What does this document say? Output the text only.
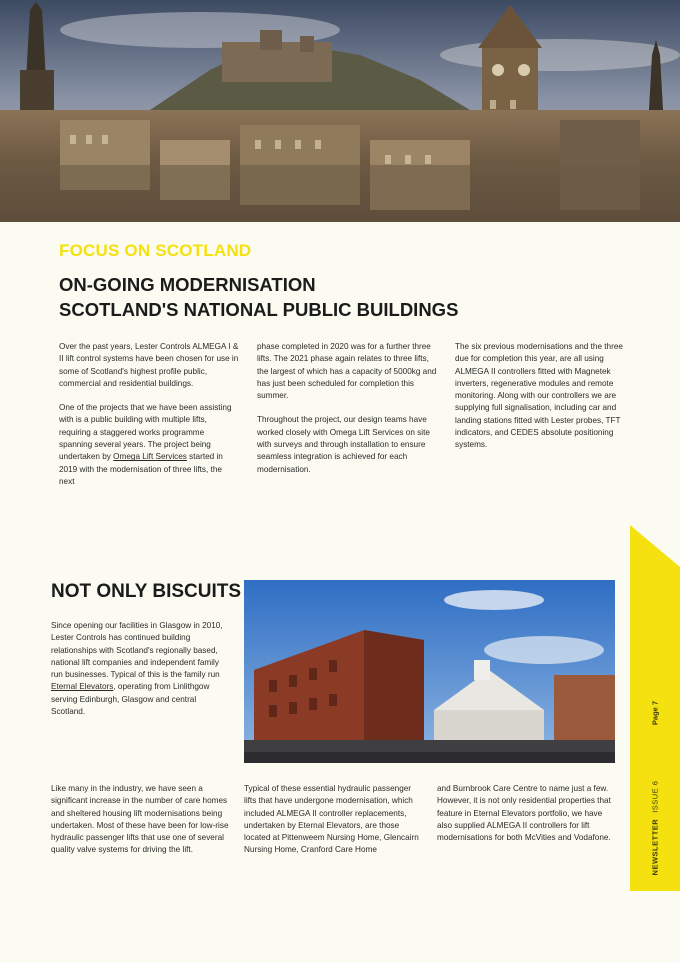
FOCUS ON SCOTLAND
ON-GOING MODERNISATION
SCOTLAND'S NATIONAL PUBLIC BUILDINGS

Over the past years, Lester Controls ALMEGA I & II lift control systems have been chosen for use in some of Scotland's highest profile public, commercial and residential buildings.

One of the projects that we have been assisting with is a public building with multiple lifts, requiring a staggered works programme spanning several years. The project being undertaken by Omega Lift Services started in 2019 with the modernisation of three lifts, the next

phase completed in 2020 was for a further three lifts. The 2021 phase again relates to three lifts, the largest of which has a capacity of 5000kg and has just been scheduled for completion this summer.

Throughout the project, our design teams have worked closely with Omega Lift Services on site with surveys and through installation to ensure seamless integration is achieved for each modernisation.

The six previous modernisations and the three due for completion this year, are all using ALMEGA II controllers fitted with Magnetek inverters, regenerative modules and remote monitoring. Along with our controllers we are supplying full signalisation, including car and landing stations fitted with Lester probes, TFT indicators, and CEDES absolute positioning systems.

NOT ONLY BISCUITS

Since opening our facilities in Glasgow in 2010, Lester Controls has continued building relationships with Scotland's regionally based, national lift companies and independent family run businesses. Typical of this is the family run Eternal Elevators, operating from Linlithgow serving Edinburgh, Glasgow and central Scotland.

Like many in the industry, we have seen a significant increase in the number of care homes and sheltered housing lift modernisations being undertaken. Most of these have been for low-rise hydraulic passenger lifts that use one of several quality valve systems for driving the lift.

Typical of these essential hydraulic passenger lifts that have undergone modernisation, which included ALMEGA II controller replacements, undertaken by Eternal Elevators, are those located at Pittenweem Nursing Home, Glencairn Nursing Home, Cranford Care Home

and Burnbrook Care Centre to name just a few. However, it is not only residential properties that feature in Eternal Elevators portfolio, we have also supplied ALMEGA II controllers for lift modernisations for both McVities and Vodafone.

Page 7
NEWSLETTERISSUE 6
